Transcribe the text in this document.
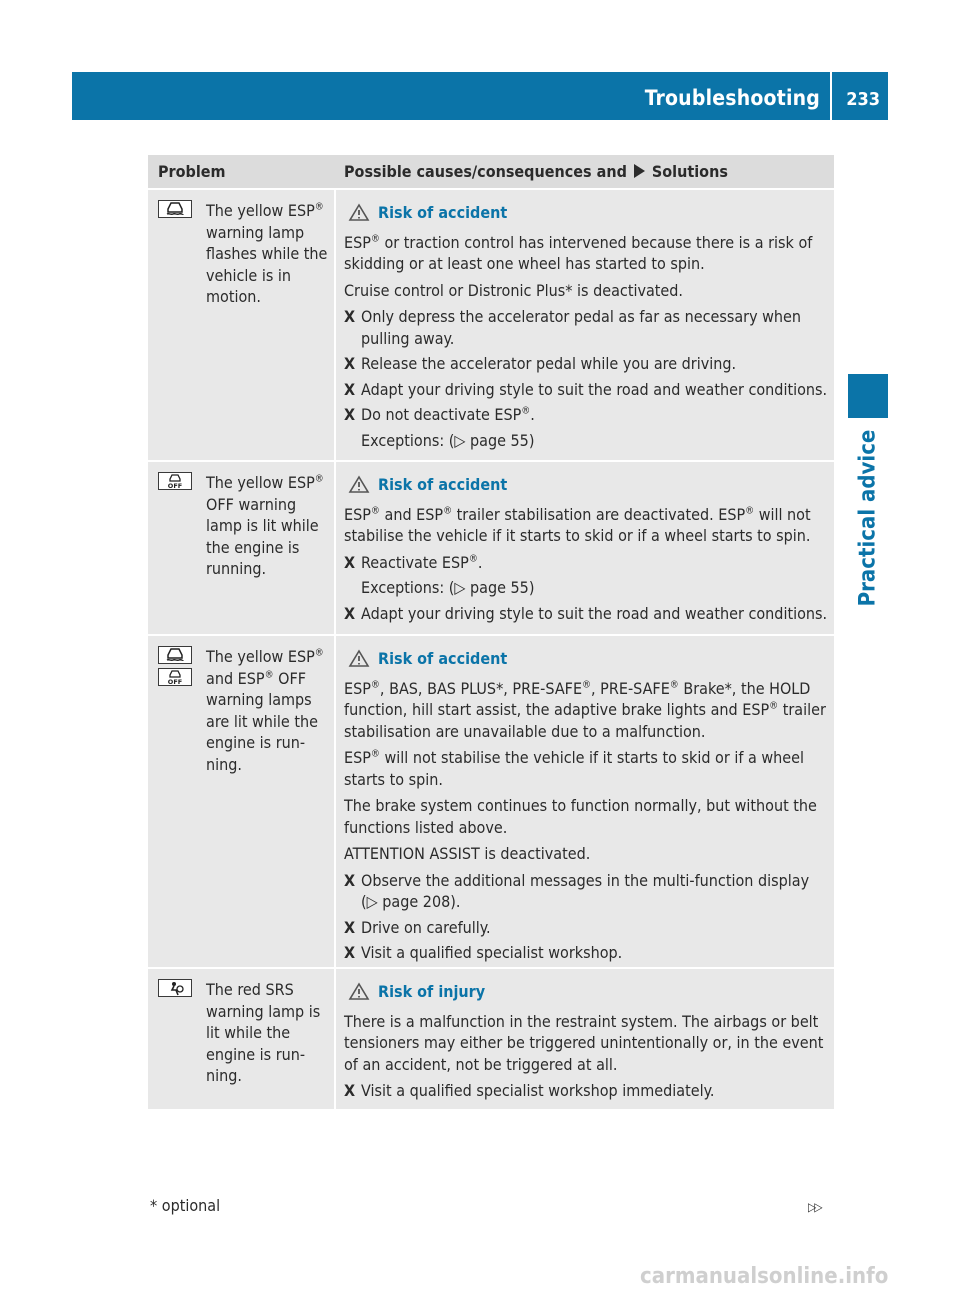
Troubleshooting 233
Practical advice
Problem	Possible causes/consequences and Solutions
The yellow ESP® warning lamp flashes while the vehicle is in motion.
Risk of accident
ESP® or traction control has intervened because there is a risk of skidding or at least one wheel has started to spin.
Cruise control or Distronic Plus* is deactivated.
X Only depress the accelerator pedal as far as necessary when pulling away.
X Release the accelerator pedal while you are driving.
X Adapt your driving style to suit the road and weather conditions.
X Do not deactivate ESP®.
Exceptions: (▷ page 55)
OFF The yellow ESP® OFF warning lamp is lit while the engine is running.
Risk of accident
ESP® and ESP® trailer stabilisation are deactivated. ESP® will not stabilise the vehicle if it starts to skid or if a wheel starts to spin.
X Reactivate ESP®.
Exceptions: (▷ page 55)
X Adapt your driving style to suit the road and weather conditions.
OFF
The yellow ESP® and ESP® OFF warning lamps are lit while the engine is run-ning.
Risk of accident
ESP®, BAS, BAS PLUS*, PRE-SAFE®, PRE-SAFE® Brake*, the HOLD function, hill start assist, the adaptive brake lights and ESP® trailer stabilisation are unavailable due to a malfunction.
ESP® will not stabilise the vehicle if it starts to skid or if a wheel starts to spin.
The brake system continues to function normally, but without the functions listed above.
ATTENTION ASSIST is deactivated.
X Observe the additional messages in the multi-function display (▷ page 208).
X Drive on carefully.
X Visit a qualified specialist workshop.
The red SRS warning lamp is lit while the engine is run-ning.
Risk of injury
There is a malfunction in the restraint system. The airbags or belt tensioners may either be triggered unintentionally or, in the event of an accident, not be triggered at all.
X Visit a qualified specialist workshop immediately.
* optional	▷▷
carmanualsonline.info
